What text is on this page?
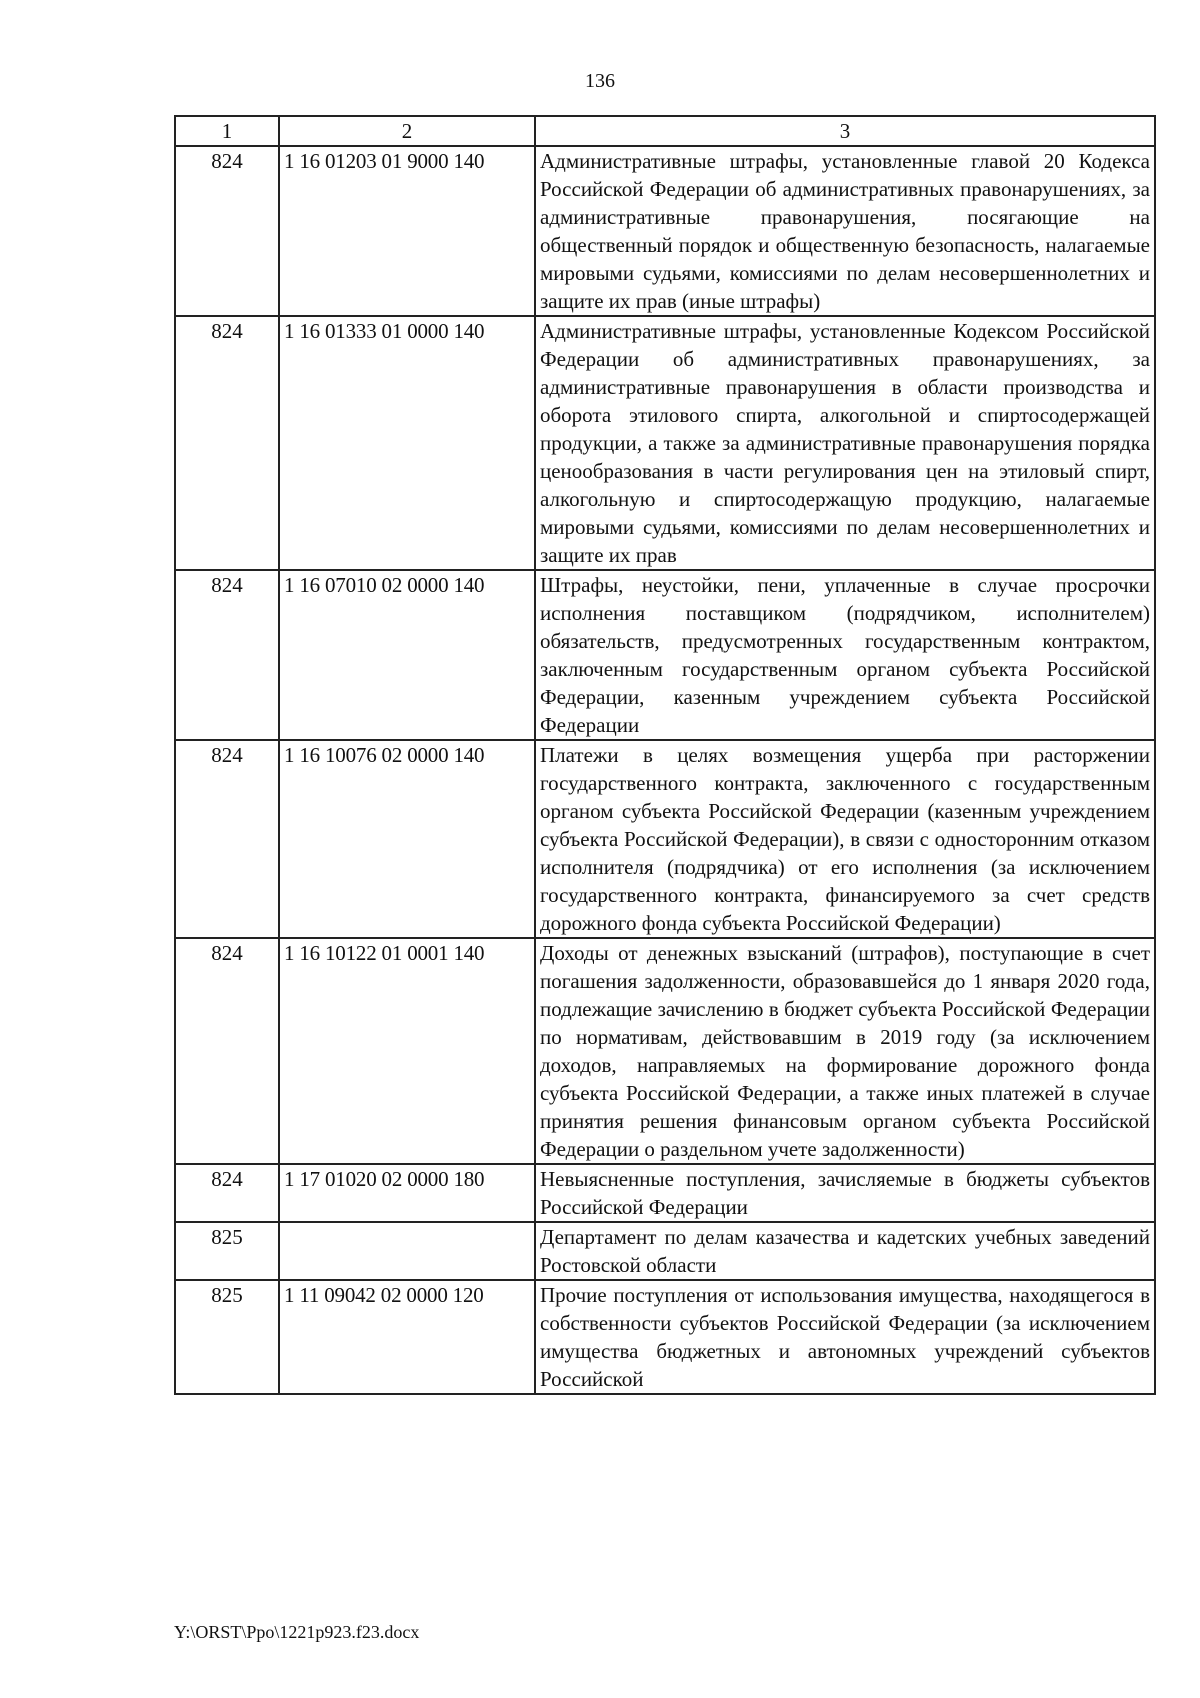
136
1	2	3
824	1 16 01203 01 9000 140	Административные штрафы, установленные главой 20 Кодекса Российской Федерации об административных правонарушениях, за административные правонарушения, посягающие на общественный порядок и общественную безопасность, налагаемые мировыми судьями, комиссиями по делам несовершеннолетних и защите их прав (иные штрафы)
824	1 16 01333 01 0000 140	Административные штрафы, установленные Кодексом Российской Федерации об административных правонарушениях, за административные правонарушения в области производства и оборота этилового спирта, алкогольной и спиртосодержащей продукции, а также за административные правонарушения порядка ценообразования в части регулирования цен на этиловый спирт, алкогольную и спиртосодержащую продукцию, налагаемые мировыми судьями, комиссиями по делам несовершеннолетних и защите их прав
824	1 16 07010 02 0000 140	Штрафы, неустойки, пени, уплаченные в случае просрочки исполнения поставщиком (подрядчиком, исполнителем) обязательств, предусмотренных государственным контрактом, заключенным государственным органом субъекта Российской Федерации, казенным учреждением субъекта Российской Федерации
824	1 16 10076 02 0000 140	Платежи в целях возмещения ущерба при расторжении государственного контракта, заключенного с государственным органом субъекта Российской Федерации (казенным учреждением субъекта Российской Федерации), в связи с односторонним отказом исполнителя (подрядчика) от его исполнения (за исключением государственного контракта, финансируемого за счет средств дорожного фонда субъекта Российской Федерации)
824	1 16 10122 01 0001 140	Доходы от денежных взысканий (штрафов), поступающие в счет погашения задолженности, образовавшейся до 1 января 2020 года, подлежащие зачислению в бюджет субъекта Российской Федерации по нормативам, действовавшим в 2019 году (за исключением доходов, направляемых на формирование дорожного фонда субъекта Российской Федерации, а также иных платежей в случае принятия решения финансовым органом субъекта Российской Федерации о раздельном учете задолженности)
824	1 17 01020 02 0000 180	Невыясненные поступления, зачисляемые в бюджеты субъектов Российской Федерации
825		Департамент по делам казачества и кадетских учебных заведений Ростовской области
825	1 11 09042 02 0000 120	Прочие поступления от использования имущества, находящегося в собственности субъектов Российской Федерации (за исключением имущества бюджетных и автономных учреждений субъектов Российской
Y:\ORST\Ppo\1221p923.f23.docx
